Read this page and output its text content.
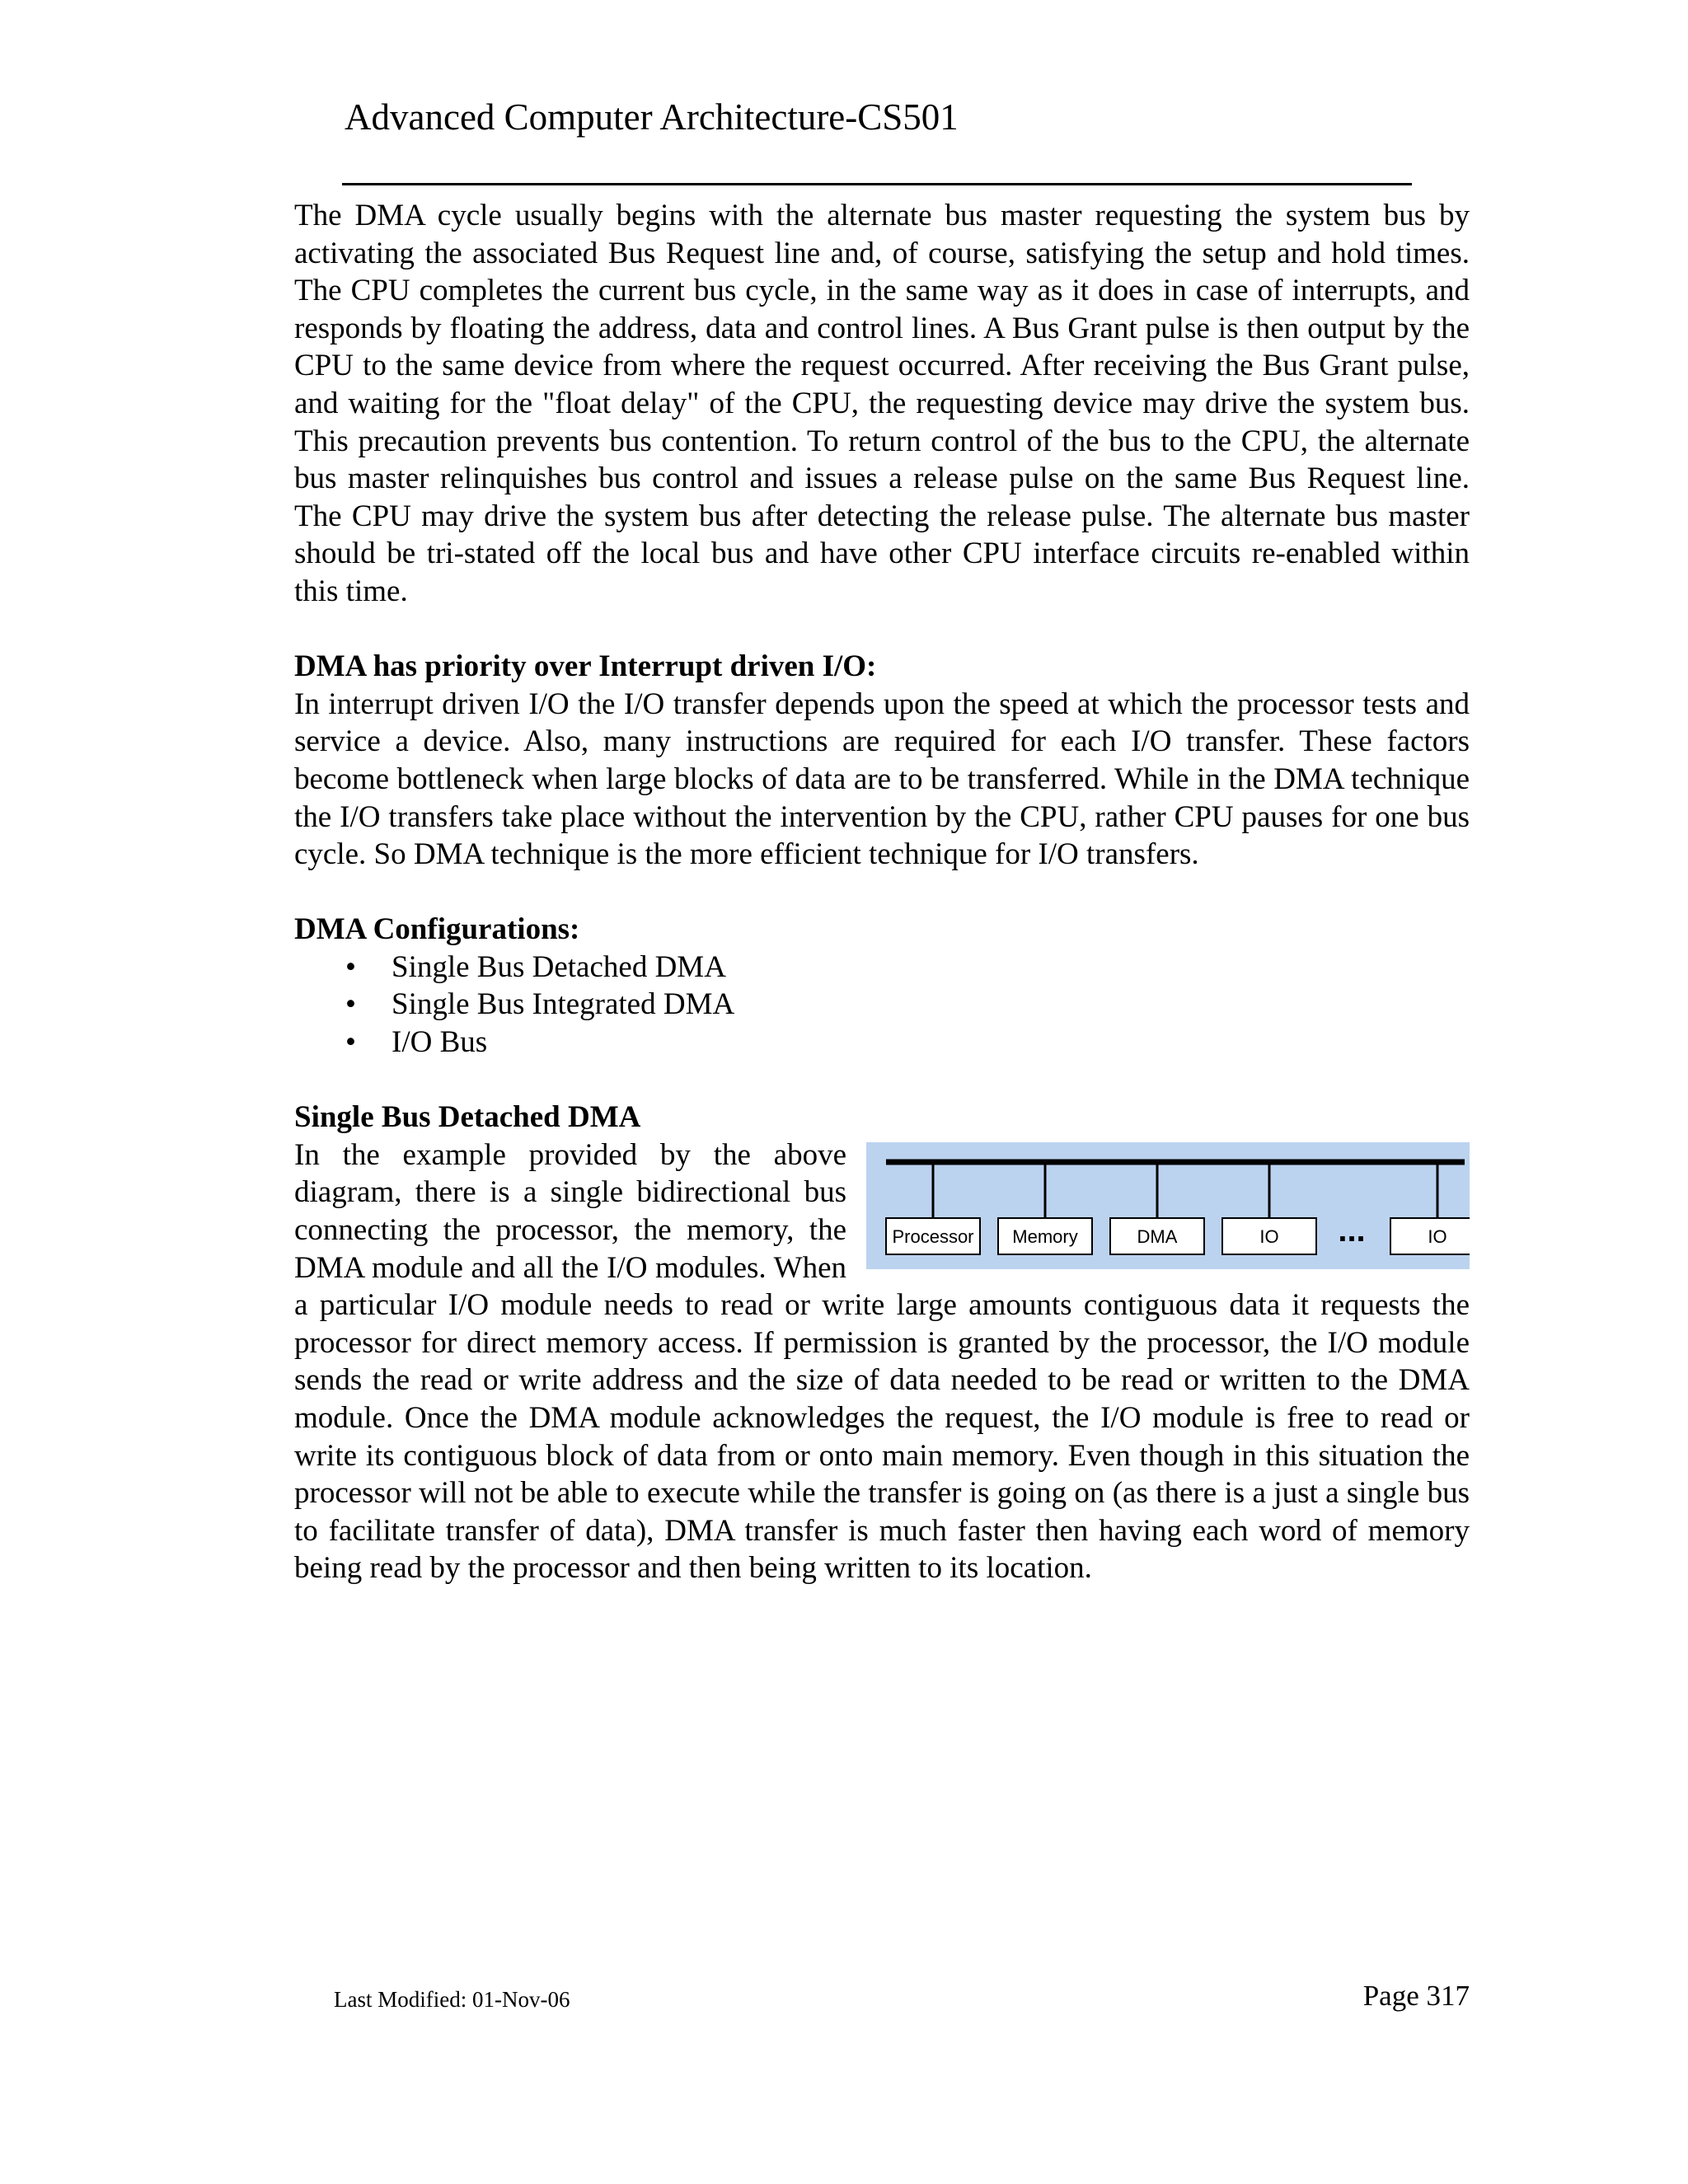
Advanced Computer Architecture-CS501

The DMA cycle usually begins with the alternate bus master requesting the system bus by activating the associated Bus Request line and, of course, satisfying the setup and hold times. The CPU completes the current bus cycle, in the same way as it does in case of interrupts, and responds by floating the address, data and control lines. A Bus Grant pulse is then output by the CPU to the same device from where the request occurred. After receiving the Bus Grant pulse, and waiting for the "float delay" of the CPU, the requesting device may drive the system bus. This precaution prevents bus contention. To return control of the bus to the CPU, the alternate bus master relinquishes bus control and issues a release pulse on the same Bus Request line. The CPU may drive the system bus after detecting the release pulse. The alternate bus master should be tri-stated off the local bus and have other CPU interface circuits re-enabled within this time.

DMA has priority over Interrupt driven I/O:

In interrupt driven I/O the I/O transfer depends upon the speed at which the processor tests and service a device. Also, many instructions are required for each I/O transfer. These factors become bottleneck when large blocks of data are to be transferred. While in the DMA technique the I/O transfers take place without the intervention by the CPU, rather CPU pauses for one bus cycle. So DMA technique is the more efficient technique for I/O transfers.

DMA Configurations:
• Single Bus Detached DMA
• Single Bus Integrated DMA
• I/O Bus
Single Bus Detached DMA
Processor Memory	DMA	IO	IO
...

In the example provided by the above diagram, there is a single bidirectional bus connecting the processor, the memory, the DMA module and all the I/O modules. When a particular I/O module needs to read or write large amounts contiguous data it requests the processor for direct memory access. If permission is granted by the processor, the I/O module sends the read or write address and the size of data needed to be read or written to the DMA module. Once the DMA module acknowledges the request, the I/O module is free to read or write its contiguous block of data from or onto main memory. Even though in this situation the processor will not be able to execute while the transfer is going on (as there is a just a single bus to facilitate transfer of data), DMA transfer is much faster then having each word of memory being read by the processor and then being written to its location.

Last Modified: 01-Nov-06	Page 317
